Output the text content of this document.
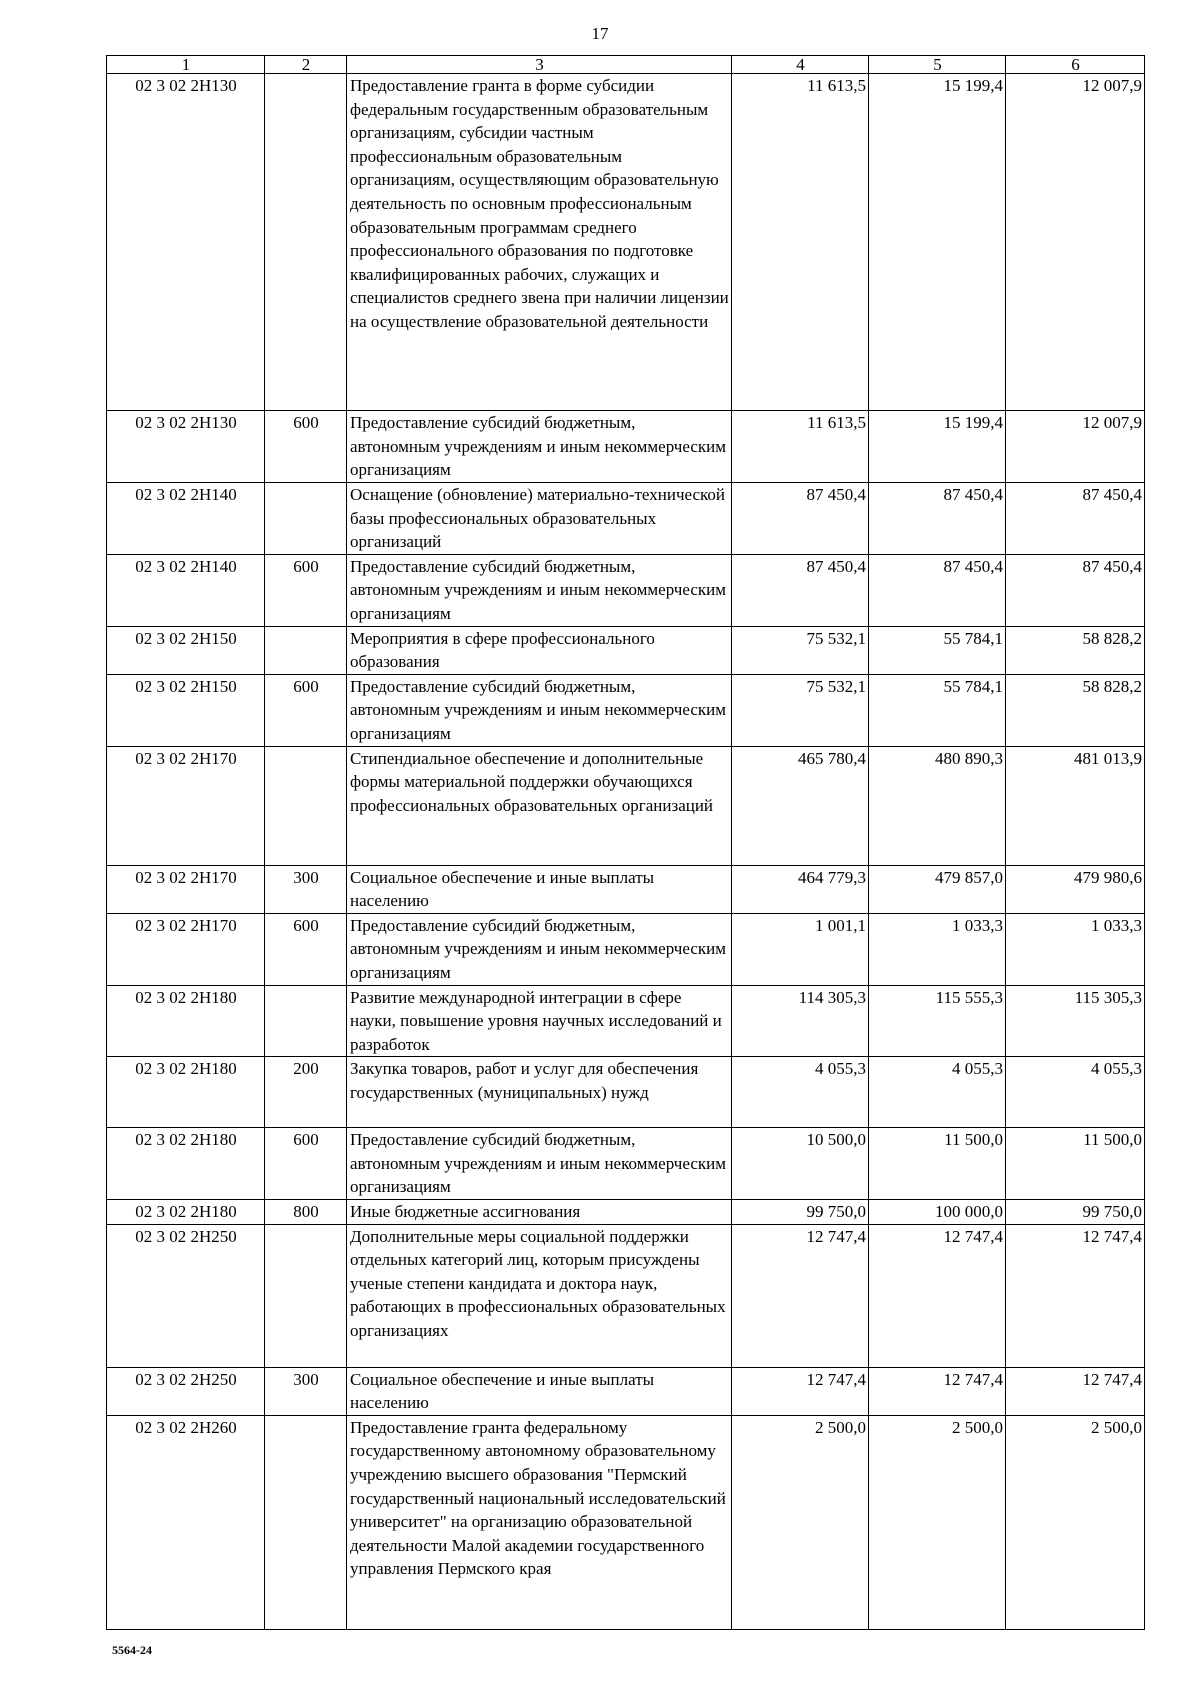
17
1	2	3	4	5	6
02 3 02 2Н130		Предоставление гранта в форме субсидии федеральным государственным образовательным организациям, субсидии частным профессиональным образовательным организациям, осуществляющим образовательную деятельность по основным профессиональным образовательным программам среднего профессионального образования по подготовке квалифицированных рабочих, служащих и специалистов среднего звена при наличии лицензии на осуществление образовательной деятельности	11 613,5	15 199,4	12 007,9
02 3 02 2Н130	600	Предоставление субсидий бюджетным, автономным учреждениям и иным некоммерческим организациям	11 613,5	15 199,4	12 007,9
02 3 02 2Н140		Оснащение (обновление) материально-технической базы профессиональных образовательных организаций	87 450,4	87 450,4	87 450,4
02 3 02 2Н140	600	Предоставление субсидий бюджетным, автономным учреждениям и иным некоммерческим организациям	87 450,4	87 450,4	87 450,4
02 3 02 2Н150		Мероприятия в сфере профессионального образования	75 532,1	55 784,1	58 828,2
02 3 02 2Н150	600	Предоставление субсидий бюджетным, автономным учреждениям и иным некоммерческим организациям	75 532,1	55 784,1	58 828,2
02 3 02 2Н170		Стипендиальное обеспечение и дополнительные формы материальной поддержки обучающихся профессиональных образовательных организаций	465 780,4	480 890,3	481 013,9
02 3 02 2Н170	300	Социальное обеспечение и иные выплаты населению	464 779,3	479 857,0	479 980,6
02 3 02 2Н170	600	Предоставление субсидий бюджетным, автономным учреждениям и иным некоммерческим организациям	1 001,1	1 033,3	1 033,3
02 3 02 2Н180		Развитие международной интеграции в сфере науки, повышение уровня научных исследований и разработок	114 305,3	115 555,3	115 305,3
02 3 02 2Н180	200	Закупка товаров, работ и услуг для обеспечения государственных (муниципальных) нужд	4 055,3	4 055,3	4 055,3
02 3 02 2Н180	600	Предоставление субсидий бюджетным, автономным учреждениям и иным некоммерческим организациям	10 500,0	11 500,0	11 500,0
02 3 02 2Н180	800	Иные бюджетные ассигнования	99 750,0	100 000,0	99 750,0
02 3 02 2Н250		Дополнительные меры социальной поддержки отдельных категорий лиц, которым присуждены ученые степени кандидата и доктора наук, работающих в профессиональных образовательных организациях	12 747,4	12 747,4	12 747,4
02 3 02 2Н250	300	Социальное обеспечение и иные выплаты населению	12 747,4	12 747,4	12 747,4
02 3 02 2Н260		Предоставление гранта федеральному государственному автономному образовательному учреждению высшего образования "Пермский государственный национальный исследовательский университет" на организацию образовательной деятельности Малой академии государственного управления Пермского края	2 500,0	2 500,0	2 500,0
5564-24
